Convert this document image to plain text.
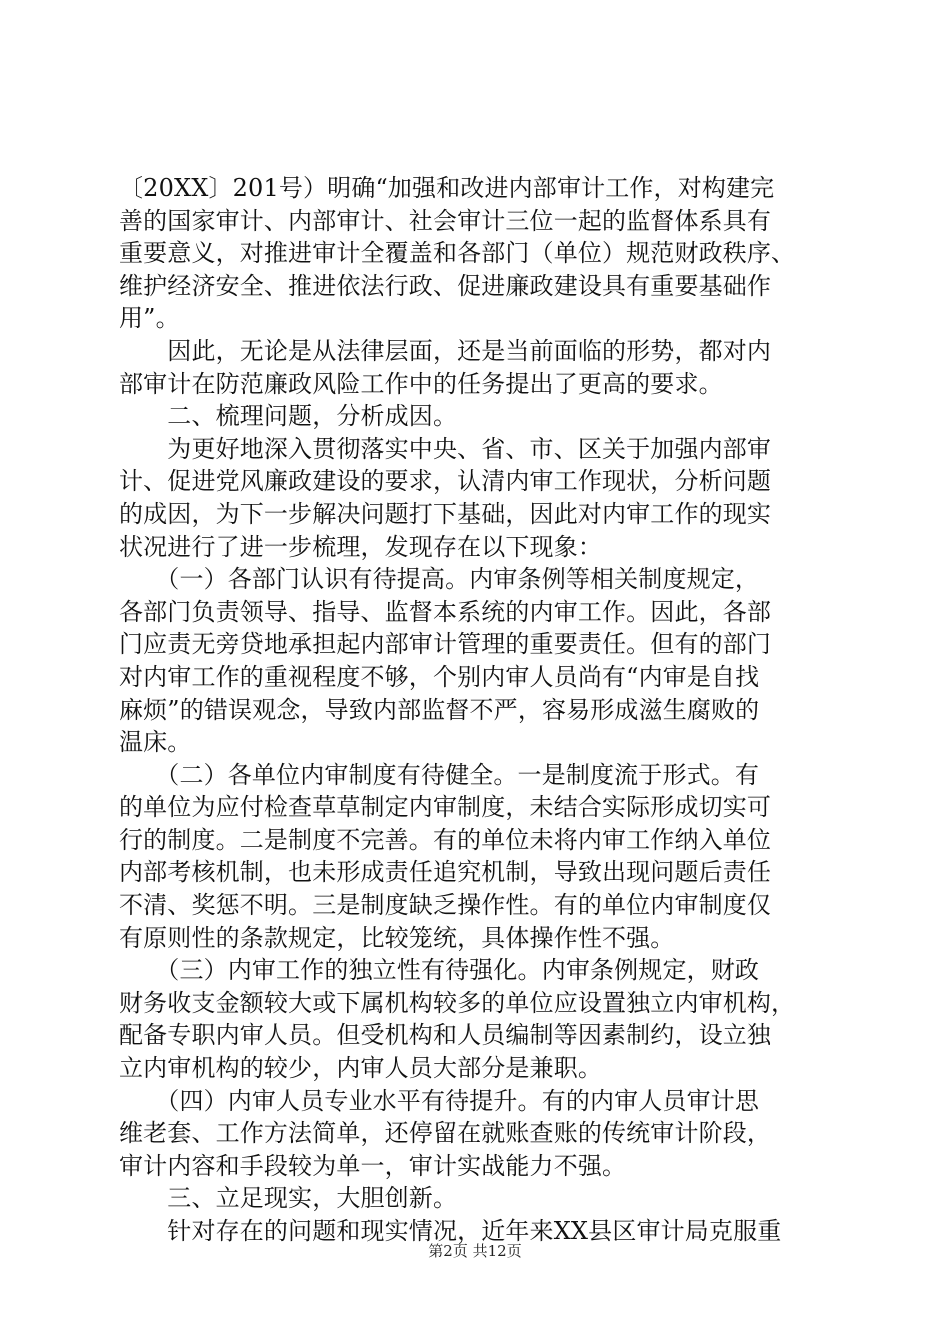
〔20XX〕201号）明确“加强和改进内部审计工作，对构建完
善的国家审计、内部审计、社会审计三位一起的监督体系具有
重要意义，对推进审计全覆盖和各部门（单位）规范财政秩序、
维护经济安全、推进依法行政、促进廉政建设具有重要基础作
用”。
　　因此，无论是从法律层面，还是当前面临的形势，都对内
部审计在防范廉政风险工作中的任务提出了更高的要求。
　　二、梳理问题，分析成因。
　　为更好地深入贯彻落实中央、省、市、区关于加强内部审
计、促进党风廉政建设的要求，认清内审工作现状，分析问题
的成因，为下一步解决问题打下基础，因此对内审工作的现实
状况进行了进一步梳理，发现存在以下现象：
　　（一）各部门认识有待提高。内审条例等相关制度规定，
各部门负责领导、指导、监督本系统的内审工作。因此，各部
门应责无旁贷地承担起内部审计管理的重要责任。但有的部门
对内审工作的重视程度不够，个别内审人员尚有“内审是自找
麻烦”的错误观念，导致内部监督不严，容易形成滋生腐败的
温床。
　　（二）各单位内审制度有待健全。一是制度流于形式。有
的单位为应付检查草草制定内审制度，未结合实际形成切实可
行的制度。二是制度不完善。有的单位未将内审工作纳入单位
内部考核机制，也未形成责任追究机制，导致出现问题后责任
不清、奖惩不明。三是制度缺乏操作性。有的单位内审制度仅
有原则性的条款规定，比较笼统，具体操作性不强。
　　（三）内审工作的独立性有待强化。内审条例规定，财政
财务收支金额较大或下属机构较多的单位应设置独立内审机构，
配备专职内审人员。但受机构和人员编制等因素制约，设立独
立内审机构的较少，内审人员大部分是兼职。
　　（四）内审人员专业水平有待提升。有的内审人员审计思
维老套、工作方法简单，还停留在就账查账的传统审计阶段，
审计内容和手段较为单一，审计实战能力不强。
　　三、立足现实，大胆创新。
　　针对存在的问题和现实情况，近年来XX县区审计局克服重
第2页 共12页
